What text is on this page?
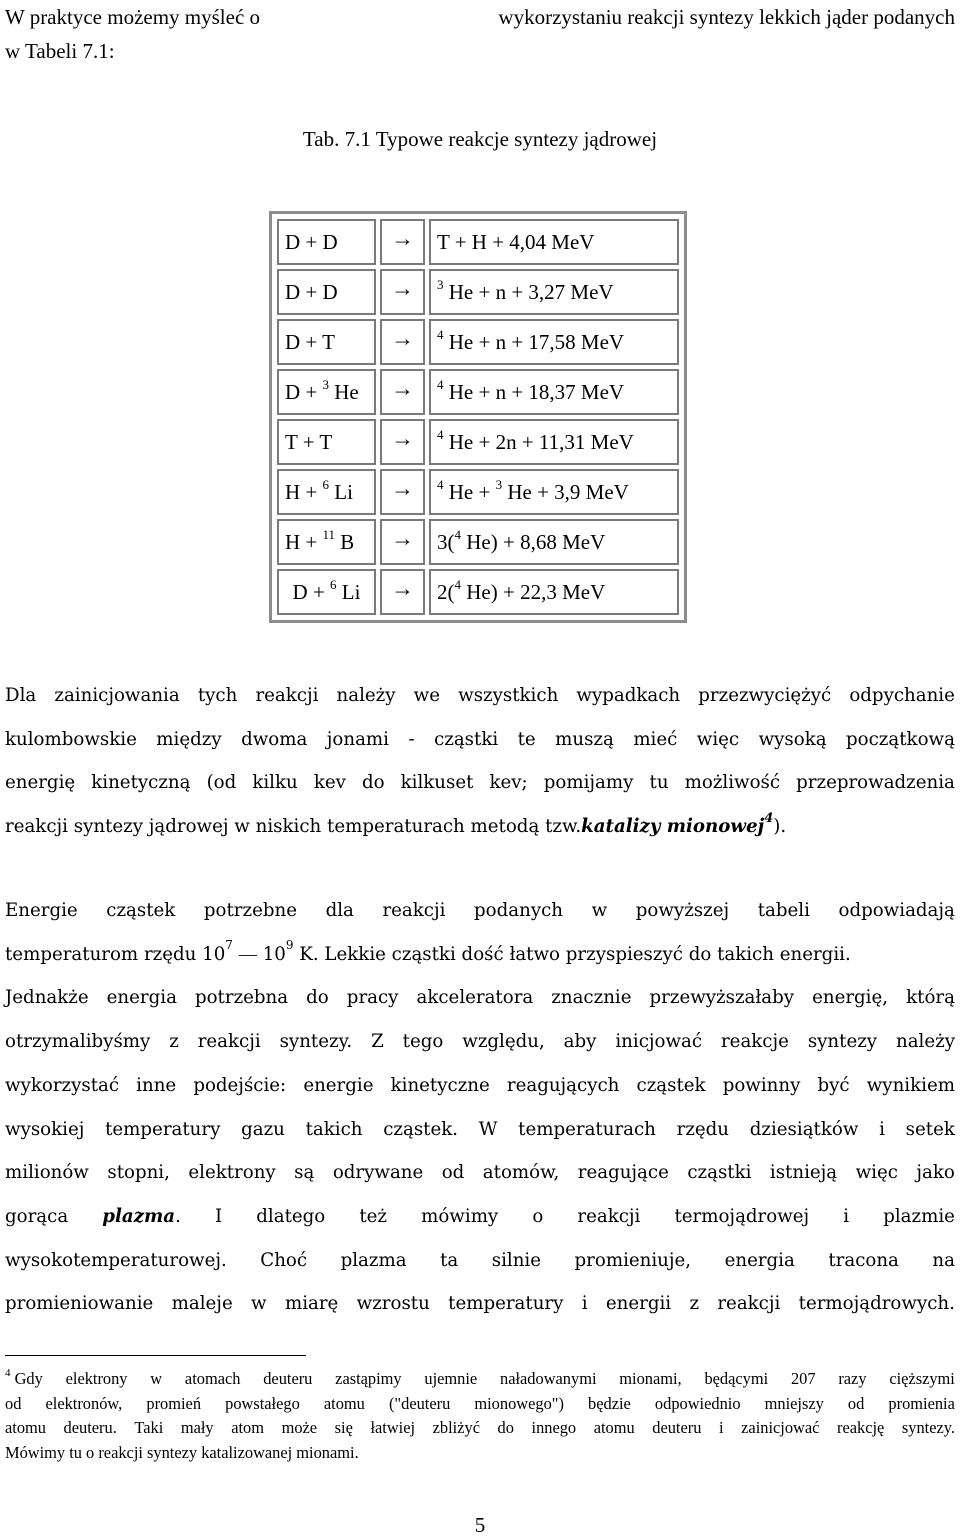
W praktyce możemy myśleć o	wykorzystaniu reakcji syntezy lekkich jąder podanych
w Tabeli 7.1:
Tab. 7.1 Typowe reakcje syntezy jądrowej
D + D	→	T + H + 4,04 MeV
D + D	→	$^3$ He + n + 3,27 MeV
D + T	→	$^4$ He + n + 17,58 MeV
D + $^3$ He	→	$^4$ He + n + 18,37 MeV
T + T	→	$^4$ He + 2n + 11,31 MeV
H + $^6$ Li	→	$^4$ He + $^3$ He + 3,9 MeV
H + $^{11}$ B	→	3($^4$ He) + 8,68 MeV
D + $^6$ Li	→	2($^4$ He) + 22,3 MeV
Dla zainicjowania tych reakcji należy we wszystkich wypadkach przezwyciężyć odpychanie
kulombowskie między dwoma jonami - cząstki te muszą mieć więc wysoką początkową
energię kinetyczną (od kilku kev do kilkuset kev; pomijamy tu możliwość przeprowadzenia
reakcji syntezy jądrowej w niskich temperaturach metodą tzw. katalizy mionowej$^4$ ).
Energie cząstek potrzebne dla reakcji podanych w powyższej tabeli odpowiadają
temperaturom rzędu $10^7$ — $10^9$ K. Lekkie cząstki dość łatwo przyspieszyć do takich energii.
Jednakże energia potrzebna do pracy akceleratora znacznie przewyższałaby energię, którą
otrzymalibyśmy z reakcji syntezy. Z tego względu, aby inicjować reakcje syntezy należy
wykorzystać inne podejście: energie kinetyczne reagujących cząstek powinny być wynikiem
wysokiej temperatury gazu takich cząstek. W temperaturach rzędu dziesiątków i setek
milionów stopni, elektrony są odrywane od atomów, reagujące cząstki istnieją więc jako
gorąca plazma. I dlatego też mówimy o reakcji termojądrowej i plazmie
wysokotemperaturowej. Choć plazma ta silnie promieniuje, energia tracona na
promieniowanie maleje w miarę wzrostu temperatury i energii z reakcji termojądrowych.
$^4$ Gdy elektrony w atomach deuteru zastąpimy ujemnie naładowanymi mionami, będącymi 207 razy cięższymi
od elektronów, promień powstałego atomu ("deuteru mionowego") będzie odpowiednio mniejszy od promienia
atomu deuteru. Taki mały atom może się łatwiej zbliżyć do innego atomu deuteru i zainicjować reakcję syntezy.
Mówimy tu o reakcji syntezy katalizowanej mionami.
5
